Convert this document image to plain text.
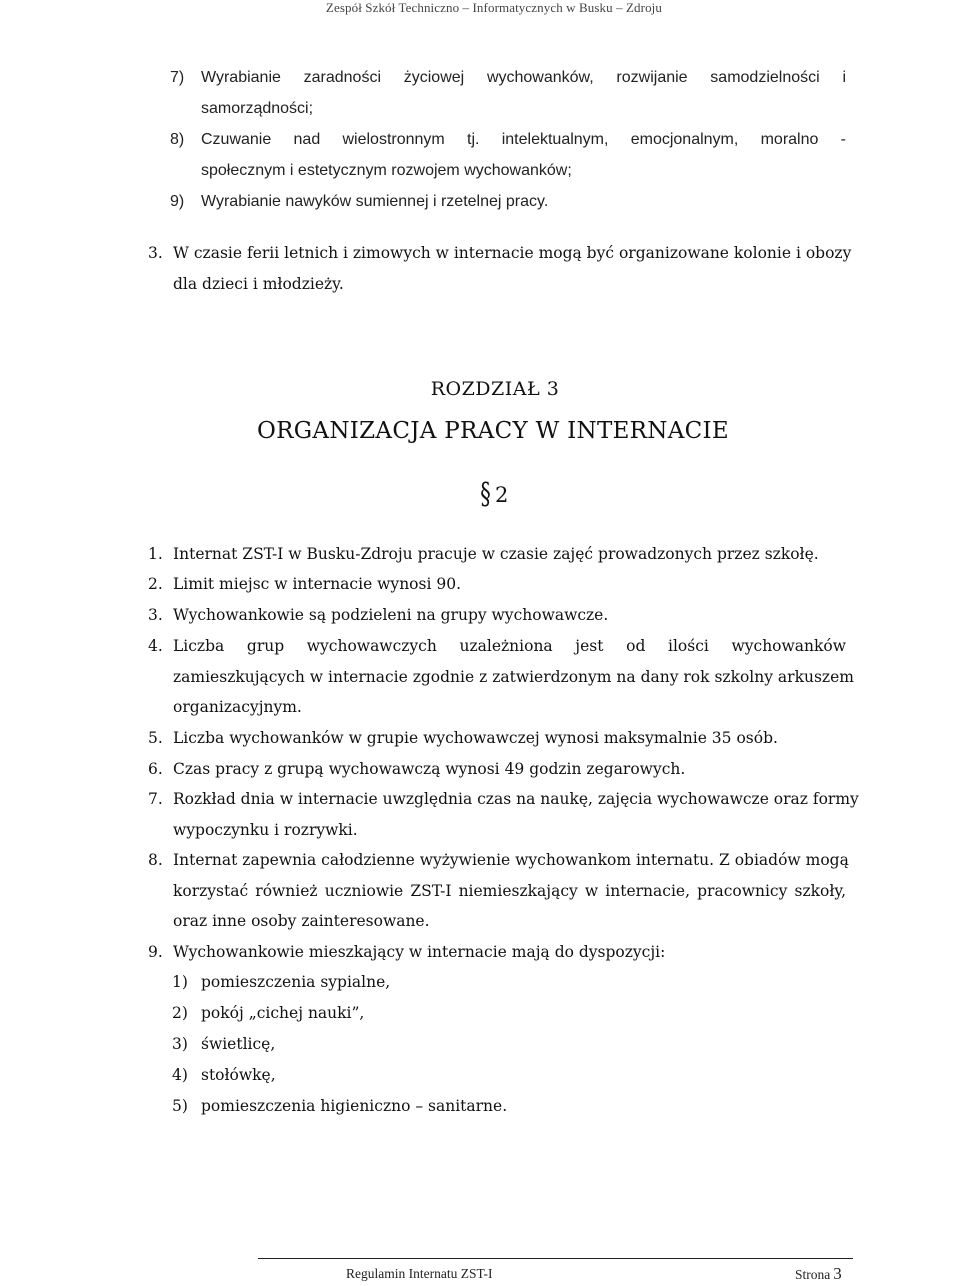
Zespół Szkół Techniczno – Informatycznych w Busku – Zdroju
7) Wyrabianie zaradności życiowej wychowanków, rozwijanie samodzielności i
samorządności;
8) Czuwanie nad wielostronnym tj. intelektualnym, emocjonalnym, moralno -
społecznym i estetycznym rozwojem wychowanków;
9) Wyrabianie nawyków sumiennej i rzetelnej pracy.
3. W czasie ferii letnich i zimowych w internacie mogą być organizowane kolonie i obozy
dla dzieci i młodzieży.
ROZDZIAŁ 3
ORGANIZACJA PRACY W INTERNACIE
§ 2
1. Internat ZST-I w Busku-Zdroju pracuje w czasie zajęć prowadzonych przez szkołę.
2. Limit miejsc w internacie wynosi 90.
3. Wychowankowie są podzieleni na grupy wychowawcze.
4. Liczba grup wychowawczych uzależniona jest od ilości wychowanków
zamieszkujących w internacie zgodnie z zatwierdzonym na dany rok szkolny arkuszem
organizacyjnym.
5. Liczba wychowanków w grupie wychowawczej wynosi maksymalnie 35 osób.
6. Czas pracy z grupą wychowawczą wynosi 49 godzin zegarowych.
7. Rozkład dnia w internacie uwzględnia czas na naukę, zajęcia wychowawcze oraz formy
wypoczynku i rozrywki.
8. Internat zapewnia całodzienne wyżywienie wychowankom internatu. Z obiadów mogą
korzystać również uczniowie ZST-I niemieszkający w internacie, pracownicy szkoły,
oraz inne osoby zainteresowane.
9. Wychowankowie mieszkający w internacie mają do dyspozycji:
1) pomieszczenia sypialne,
2) pokój „cichej nauki”,
3) świetlicę,
4) stołówkę,
5) pomieszczenia higieniczno – sanitarne.
Regulamin Internatu ZST-I	Strona 3
